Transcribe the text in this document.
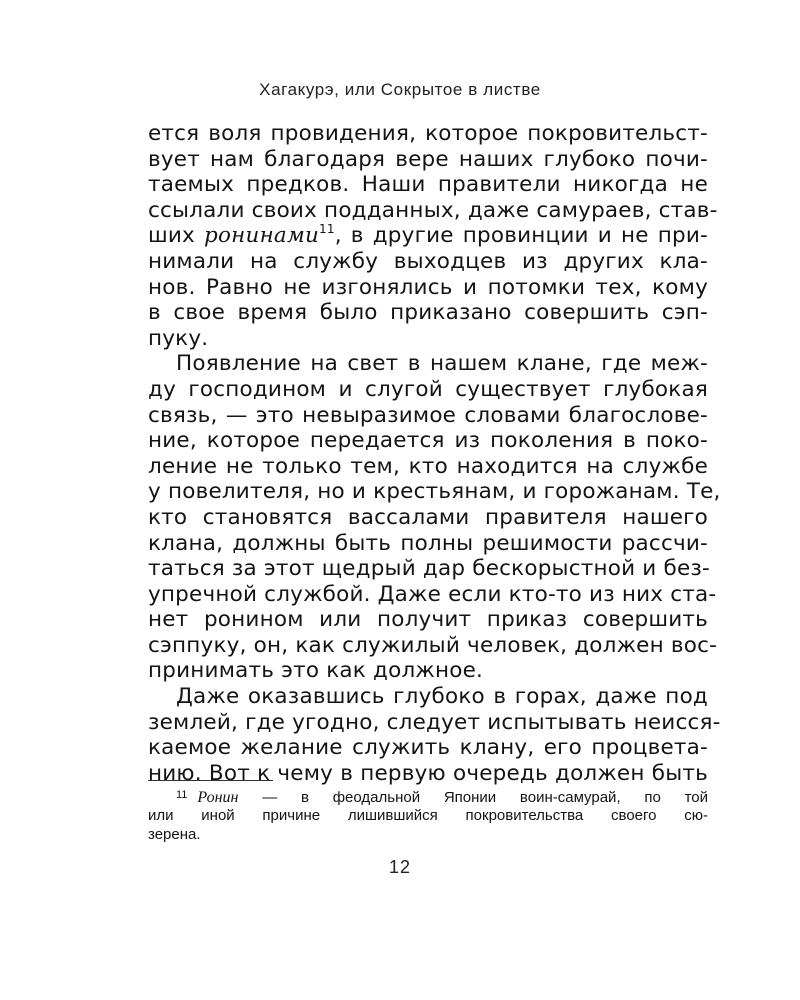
Хагакурэ, или Сокрытое в листве
ется воля провидения, которое покровительст-
вует нам благодаря вере наших глубоко почи-
таемых предков. Наши правители никогда не
ссылали своих подданных, даже самураев, став-
ших ронинами$^{11}$, в другие провинции и не при-
нимали на службу выходцев из других кла-
нов. Равно не изгонялись и потомки тех, кому
в свое время было приказано совершить сэп-
пуку.
Появление на свет в нашем клане, где меж-
ду господином и слугой существует глубокая
связь, — это невыразимое словами благослове-
ние, которое передается из поколения в поко-
ление не только тем, кто находится на службе
у повелителя, но и крестьянам, и горожанам. Те,
кто становятся вассалами правителя нашего
клана, должны быть полны решимости рассчи-
таться за этот щедрый дар бескорыстной и без-
упречной службой. Даже если кто-то из них ста-
нет ронином или получит приказ совершить
сэппуку, он, как служилый человек, должен вос-
принимать это как должное.
Даже оказавшись глубоко в горах, даже под
землей, где угодно, следует испытывать неисся-
каемое желание служить клану, его процвета-
нию. Вот к чему в первую очередь должен быть
$^{11}$ Ронин — в феодальной Японии воин-самурай, по той
или иной причине лишившийся покровительства своего сю-
зерена.
12
